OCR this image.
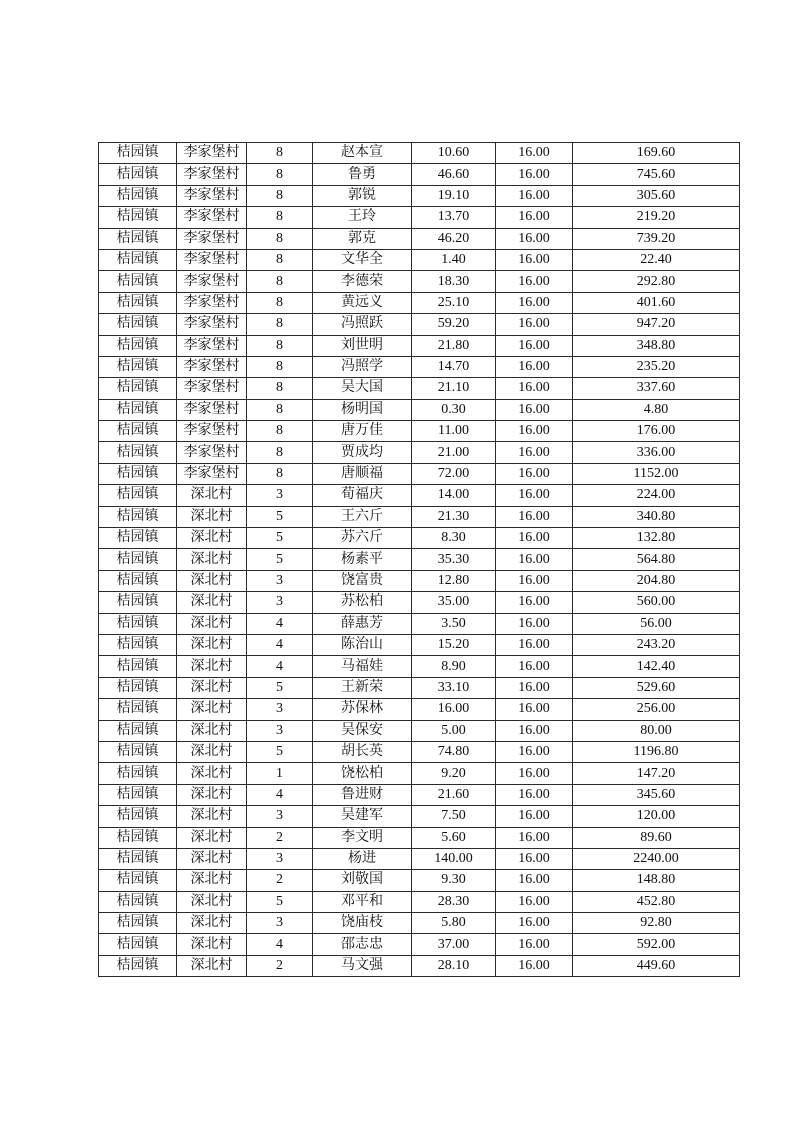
桔园镇	李家堡村	8	赵本宣	10.60	16.00	169.60
桔园镇	李家堡村	8	鲁勇	46.60	16.00	745.60
桔园镇	李家堡村	8	郭锐	19.10	16.00	305.60
桔园镇	李家堡村	8	王玲	13.70	16.00	219.20
桔园镇	李家堡村	8	郭克	46.20	16.00	739.20
桔园镇	李家堡村	8	文华全	1.40	16.00	22.40
桔园镇	李家堡村	8	李德荣	18.30	16.00	292.80
桔园镇	李家堡村	8	黄远义	25.10	16.00	401.60
桔园镇	李家堡村	8	冯照跃	59.20	16.00	947.20
桔园镇	李家堡村	8	刘世明	21.80	16.00	348.80
桔园镇	李家堡村	8	冯照学	14.70	16.00	235.20
桔园镇	李家堡村	8	吴大国	21.10	16.00	337.60
桔园镇	李家堡村	8	杨明国	0.30	16.00	4.80
桔园镇	李家堡村	8	唐万佳	11.00	16.00	176.00
桔园镇	李家堡村	8	贾成均	21.00	16.00	336.00
桔园镇	李家堡村	8	唐顺福	72.00	16.00	1152.00
桔园镇	深北村	3	荀福庆	14.00	16.00	224.00
桔园镇	深北村	5	王六斤	21.30	16.00	340.80
桔园镇	深北村	5	苏六斤	8.30	16.00	132.80
桔园镇	深北村	5	杨素平	35.30	16.00	564.80
桔园镇	深北村	3	饶富贵	12.80	16.00	204.80
桔园镇	深北村	3	苏松柏	35.00	16.00	560.00
桔园镇	深北村	4	薛惠芳	3.50	16.00	56.00
桔园镇	深北村	4	陈治山	15.20	16.00	243.20
桔园镇	深北村	4	马福娃	8.90	16.00	142.40
桔园镇	深北村	5	王新荣	33.10	16.00	529.60
桔园镇	深北村	3	苏保林	16.00	16.00	256.00
桔园镇	深北村	3	吴保安	5.00	16.00	80.00
桔园镇	深北村	5	胡长英	74.80	16.00	1196.80
桔园镇	深北村	1	饶松柏	9.20	16.00	147.20
桔园镇	深北村	4	鲁进财	21.60	16.00	345.60
桔园镇	深北村	3	吴建军	7.50	16.00	120.00
桔园镇	深北村	2	李文明	5.60	16.00	89.60
桔园镇	深北村	3	杨进	140.00	16.00	2240.00
桔园镇	深北村	2	刘敬国	9.30	16.00	148.80
桔园镇	深北村	5	邓平和	28.30	16.00	452.80
桔园镇	深北村	3	饶庙枝	5.80	16.00	92.80
桔园镇	深北村	4	邵志忠	37.00	16.00	592.00
桔园镇	深北村	2	马文强	28.10	16.00	449.60
